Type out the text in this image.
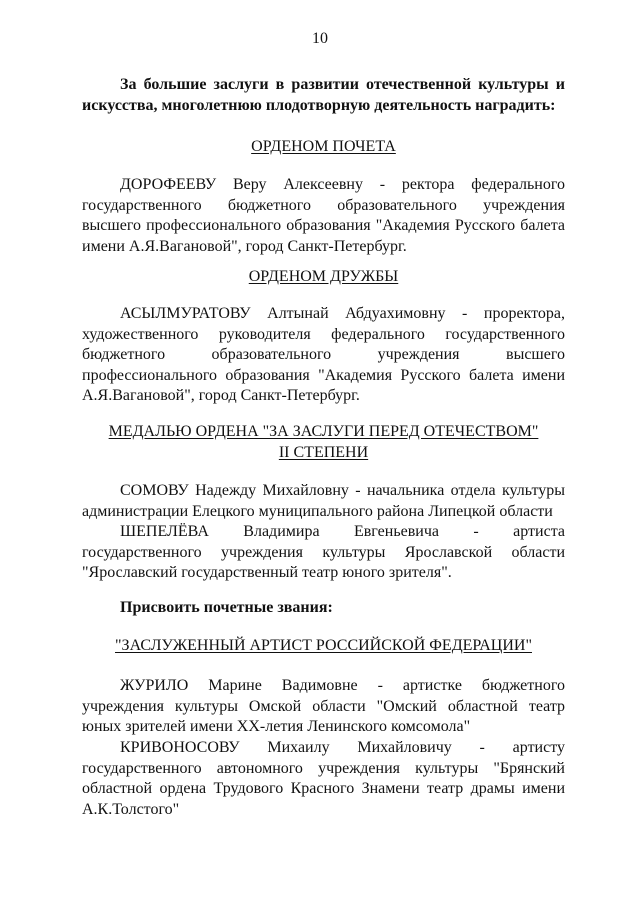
10
За большие заслуги в развитии отечественной культуры и
искусства, многолетнюю плодотворную деятельность наградить:
ОРДЕНОМ ПОЧЕТА
ДОРОФЕЕВУ Веру Алексеевну - ректора федерального
государственного бюджетного образовательного учреждения
высшего профессионального образования "Академия Русского балета
имени А.Я.Вагановой", город Санкт-Петербург.
ОРДЕНОМ ДРУЖБЫ
АСЫЛМУРАТОВУ Алтынай Абдуахимовну - проректора,
художественного руководителя федерального государственного
бюджетного образовательного учреждения высшего
профессионального образования "Академия Русского балета имени
А.Я.Вагановой", город Санкт-Петербург.
МЕДАЛЬЮ ОРДЕНА "ЗА ЗАСЛУГИ ПЕРЕД ОТЕЧЕСТВОМ"
II СТЕПЕНИ
СОМОВУ Надежду Михайловну - начальника отдела культуры
администрации Елецкого муниципального района Липецкой области
ШЕПЕЛЁВА Владимира Евгеньевича - артиста
государственного учреждения культуры Ярославской области
"Ярославский государственный театр юного зрителя".
Присвоить почетные звания:
"ЗАСЛУЖЕННЫЙ АРТИСТ РОССИЙСКОЙ ФЕДЕРАЦИИ"
ЖУРИЛО Марине Вадимовне - артистке бюджетного
учреждения культуры Омской области "Омский областной театр
юных зрителей имени XX-летия Ленинского комсомола"
КРИВОНОСОВУ Михаилу Михайловичу - артисту
государственного автономного учреждения культуры "Брянский
областной ордена Трудового Красного Знамени театр драмы имени
А.К.Толстого"
